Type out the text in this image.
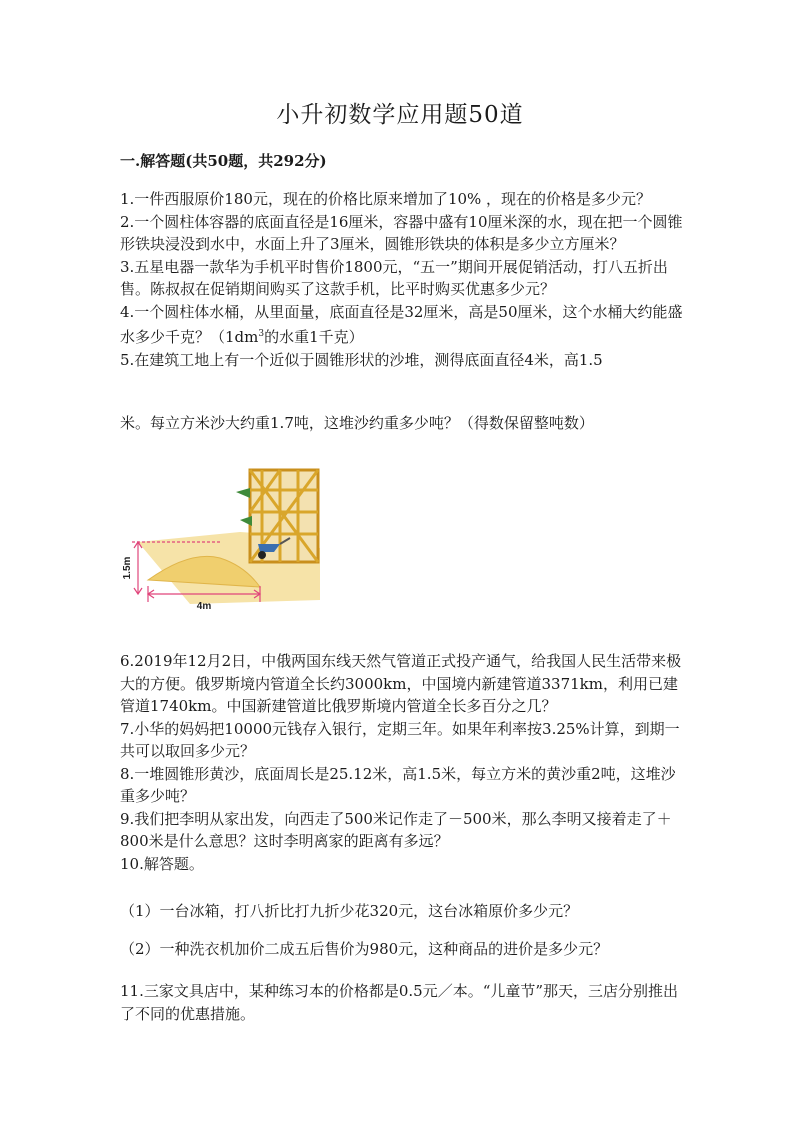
小升初数学应用题50道
一.解答题(共50题，共292分)

1.一件西服原价180元，现在的价格比原来增加了10% ，现在的价格是多少元？

2.一个圆柱体容器的底面直径是16厘米，容器中盛有10厘米深的水，现在把一个圆锥形铁块浸没到水中，水面上升了3厘米，圆锥形铁块的体积是多少立方厘米？

3.五星电器一款华为手机平时售价1800元，“五一”期间开展促销活动，打八五折出售。陈叔叔在促销期间购买了这款手机，比平时购买优惠多少元？

4.一个圆柱体水桶，从里面量，底面直径是32厘米，高是50厘米，这个水桶大约能盛水多少千克？（$1dm^3$的水重1千克）

5.在建筑工地上有一个近似于圆锥形状的沙堆，测得底面直径4米，高1.5

米。每立方米沙大约重1.7吨，这堆沙约重多少吨？（得数保留整吨数）

1.5m
4m

6.2019年12月2日，中俄两国东线天然气管道正式投产通气，给我国人民生活带来极大的方便。俄罗斯境内管道全长约3000km，中国境内新建管道3371km，利用已建管道1740km。中国新建管道比俄罗斯境内管道全长多百分之几？

7.小华的妈妈把10000元钱存入银行，定期三年。如果年利率按3.25%计算，到期一共可以取回多少元？

8.一堆圆锥形黄沙，底面周长是25.12米，高1.5米，每立方米的黄沙重2吨，这堆沙重多少吨？

9.我们把李明从家出发，向西走了500米记作走了－500米，那么李明又接着走了＋800米是什么意思？这时李明离家的距离有多远？

10.解答题。

（1）一台冰箱，打八折比打九折少花320元，这台冰箱原价多少元？

（2）一种洗衣机加价二成五后售价为980元，这种商品的进价是多少元？

11.三家文具店中，某种练习本的价格都是0.5元／本。“儿童节”那天，三店分别推出了不同的优惠措施。
